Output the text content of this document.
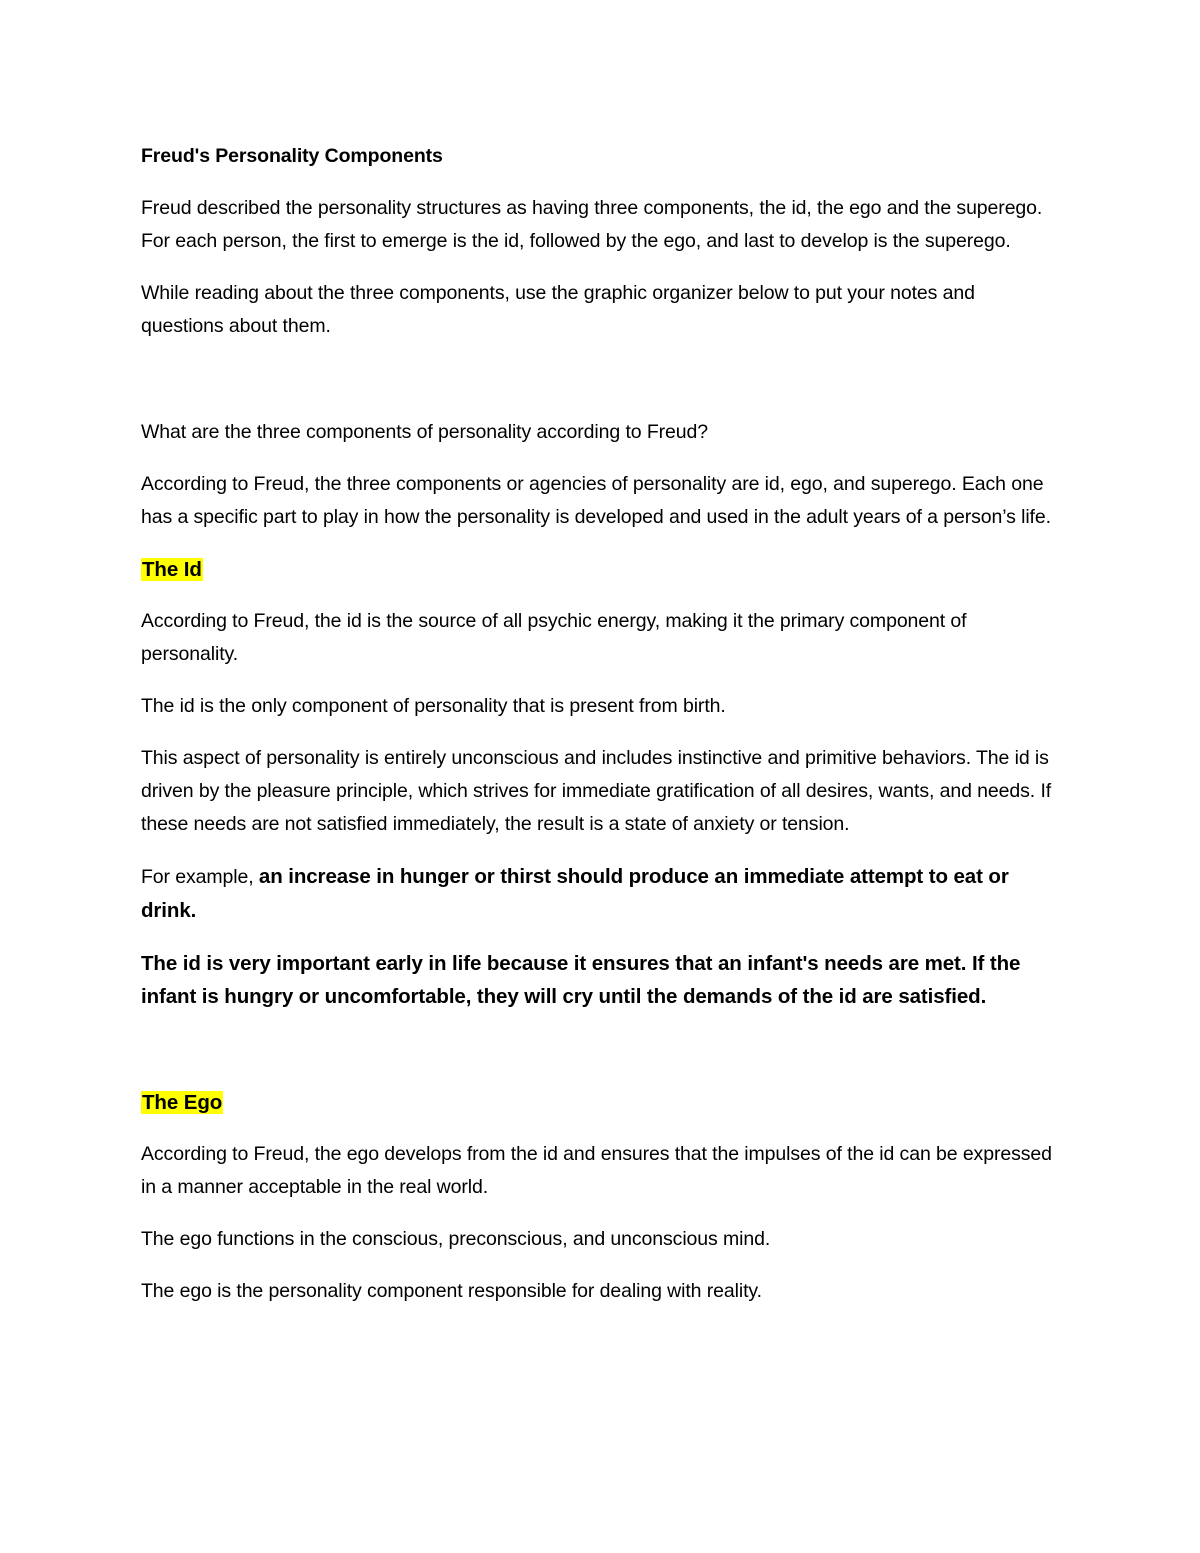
Freud's Personality Components

Freud described the personality structures as having three components, the id, the ego and the superego. For each person, the first to emerge is the id, followed by the ego, and last to develop is the superego.

While reading about the three components, use the graphic organizer below to put your notes and questions about them.

What are the three components of personality according to Freud?

According to Freud, the three components or agencies of personality are id, ego, and superego. Each one has a specific part to play in how the personality is developed and used in the adult years of a person’s life.

The Id

According to Freud, the id is the source of all psychic energy, making it the primary component of personality.

The id is the only component of personality that is present from birth.

This aspect of personality is entirely unconscious and includes instinctive and primitive behaviors. The id is driven by the pleasure principle, which strives for immediate gratification of all desires, wants, and needs. If these needs are not satisfied immediately, the result is a state of anxiety or tension.

For example, an increase in hunger or thirst should produce an immediate attempt to eat or drink.

The id is very important early in life because it ensures that an infant's needs are met. If the infant is hungry or uncomfortable, they will cry until the demands of the id are satisfied.

The Ego

According to Freud, the ego develops from the id and ensures that the impulses of the id can be expressed in a manner acceptable in the real world.

The ego functions in the conscious, preconscious, and unconscious mind.

The ego is the personality component responsible for dealing with reality.
